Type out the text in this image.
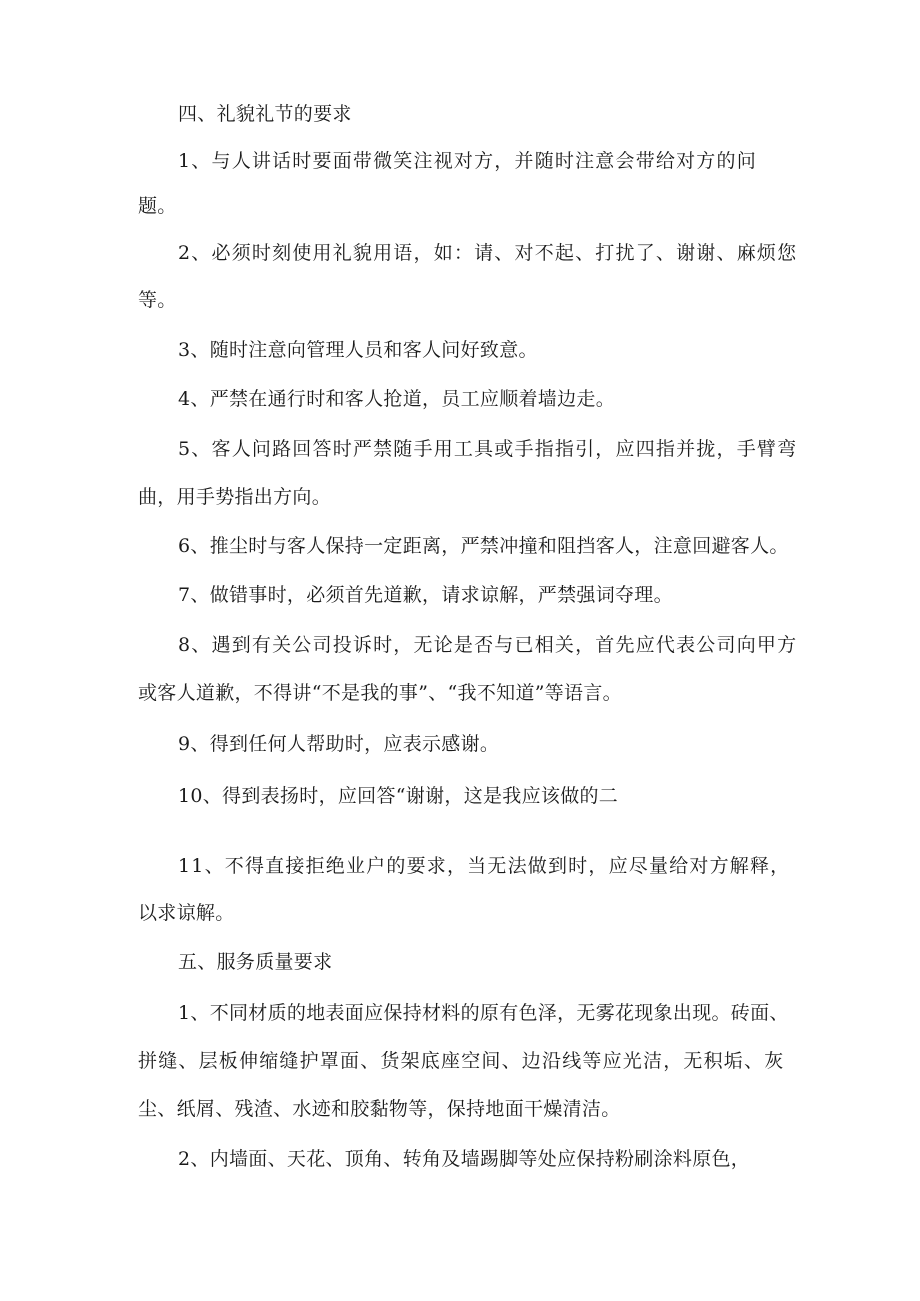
四、礼貌礼节的要求
1、与人讲话时要面带微笑注视对方，并随时注意会带给对方的问
题。
2、必须时刻使用礼貌用语，如：请、对不起、打扰了、谢谢、麻烦您
等。
3、随时注意向管理人员和客人问好致意。
4、严禁在通行时和客人抢道，员工应顺着墙边走。
5、客人问路回答时严禁随手用工具或手指指引，应四指并拢，手臂弯
曲，用手势指出方向。
6、推尘时与客人保持一定距离，严禁冲撞和阻挡客人，注意回避客人。
7、做错事时，必须首先道歉，请求谅解，严禁强词夺理。
8、遇到有关公司投诉时，无论是否与已相关，首先应代表公司向甲方
或客人道歉，不得讲“不是我的事”、“我不知道”等语言。
9、得到任何人帮助时，应表示感谢。
10、得到表扬时，应回答“谢谢，这是我应该做的二
11、不得直接拒绝业户的要求，当无法做到时，应尽量给对方解释，
以求谅解。
五、服务质量要求
1、不同材质的地表面应保持材料的原有色泽，无雾花现象出现。砖面、
拼缝、层板伸缩缝护罩面、货架底座空间、边沿线等应光洁，无积垢、灰
尘、纸屑、残渣、水迹和胶黏物等，保持地面干燥清洁。
2、内墙面、天花、顶角、转角及墙踢脚等处应保持粉刷涂料原色，
